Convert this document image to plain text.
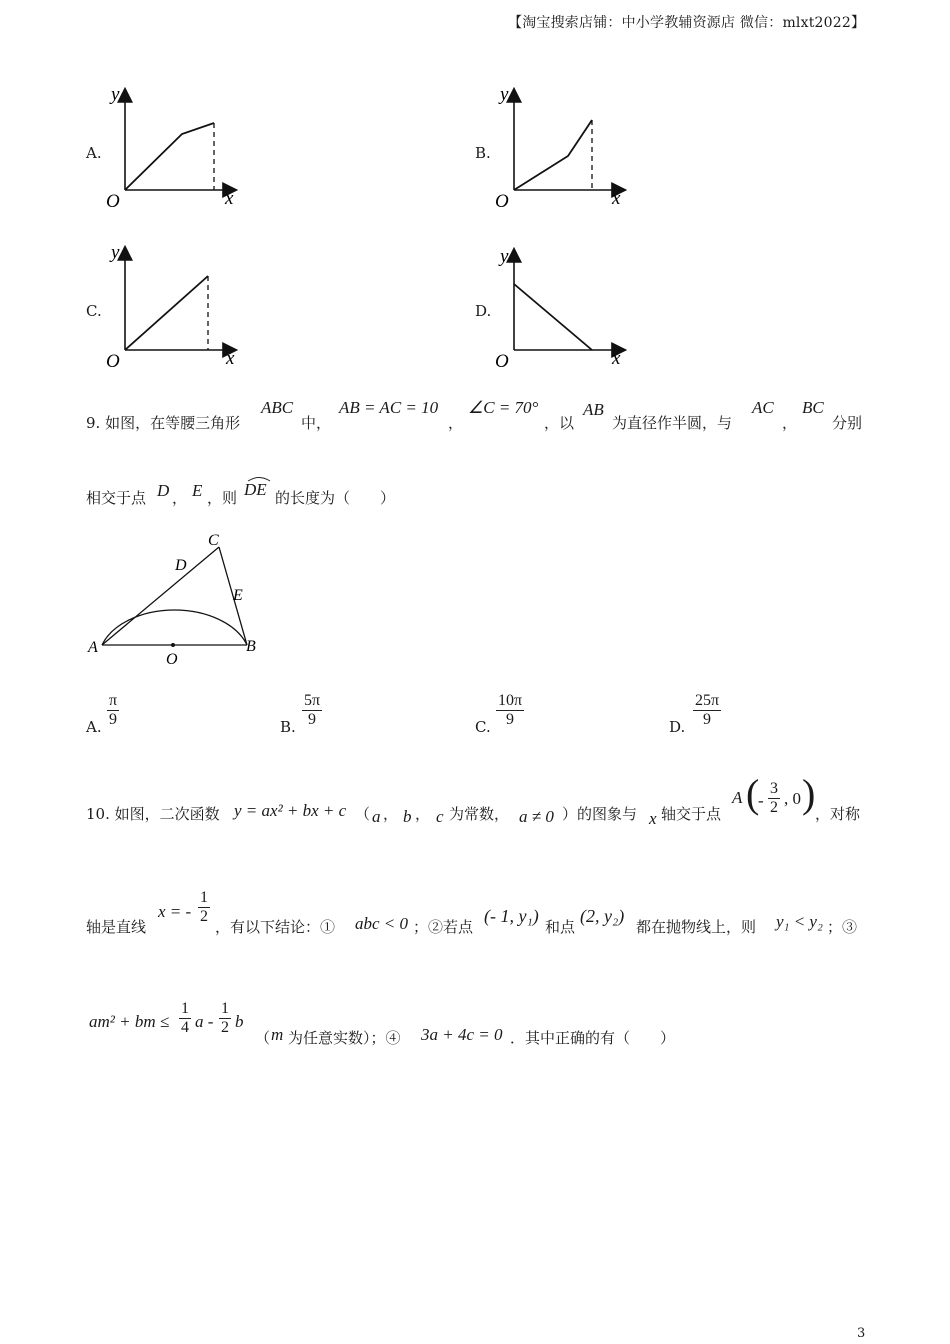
【淘宝搜索店铺：中小学教辅资源店 微信：mlxt2022】
A.
y
x
O
B.
y
x
O
C.
y
x
O
D.
y
x
O
9. 如图，在等腰三角形
ABC
中，
AB = AC = 10
，
∠C = 70°
，以
AB
为直径作半圆，与
AC
，
BC
分别
相交于点 D ， E ，则 DE 的长度为（　　）
A	B
C
D
E
O
A.
π
9	B.
5π
9	C.
10π
9	D.
25π
9
10. 如图，二次函数 y = ax² + bx + c （ a ， b ， c 为常数， a ≠ 0 ）的图象与 x 轴交于点
A (
-
3
2 , 0 ) ，对称
轴是直线
x = -
1
2
，有以下结论：① abc < 0 ；②若点
(- 1, y₁)
和点
(2, y₂)
都在抛物线上，则 y₁ < y₂ ；③
am² + bm ≤
1
4 a -
1
2 b
（ m 为任意实数）；④ 3a + 4c = 0 ．其中正确的有（　　）
3
